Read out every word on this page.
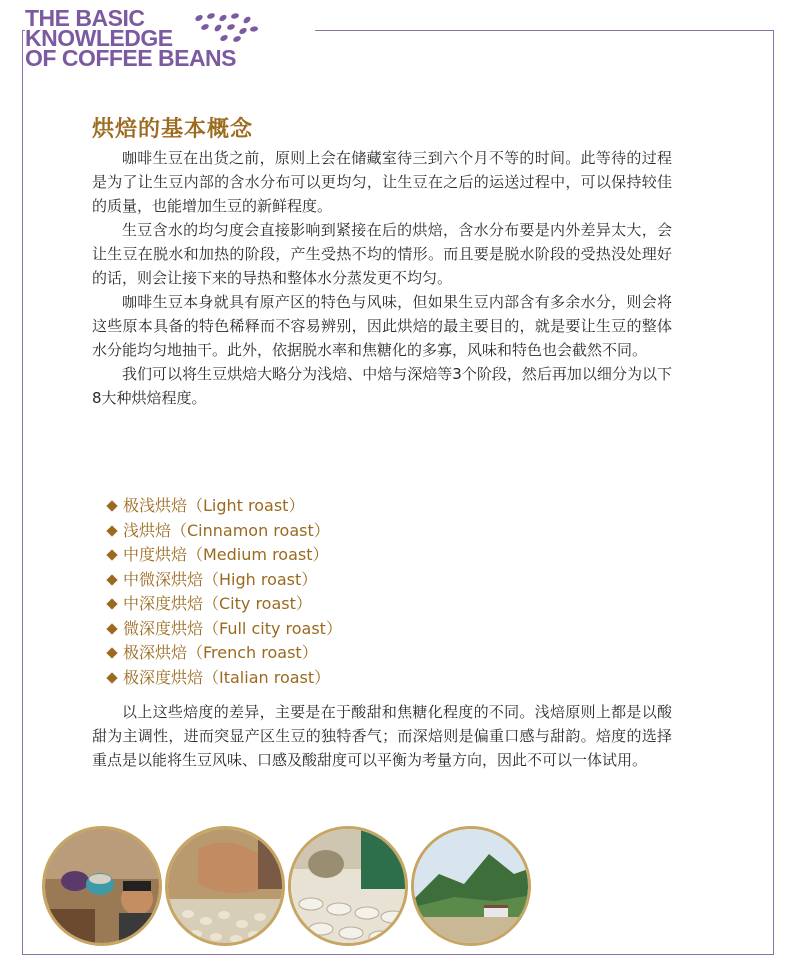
THE BASIC
KNOWLEDGE
OF COFFEE BEANS
烘焙的基本概念

咖啡生豆在出货之前，原则上会在储藏室待三到六个月不等的时间。此等待的过程是为了让生豆内部的含水分布可以更均匀，让生豆在之后的运送过程中，可以保持较佳的质量，也能增加生豆的新鲜程度。

生豆含水的均匀度会直接影响到紧接在后的烘焙，含水分布要是内外差异太大，会让生豆在脱水和加热的阶段，产生受热不均的情形。而且要是脱水阶段的受热没处理好的话，则会让接下来的导热和整体水分蒸发更不均匀。

咖啡生豆本身就具有原产区的特色与风味，但如果生豆内部含有多余水分，则会将这些原本具备的特色稀释而不容易辨别，因此烘焙的最主要目的，就是要让生豆的整体水分能均匀地抽干。此外，依据脱水率和焦糖化的多寡，风味和特色也会截然不同。

我们可以将生豆烘焙大略分为浅焙、中焙与深焙等3个阶段，然后再加以细分为以下8大种烘焙程度。

极浅烘焙（Light roast）
浅烘焙（Cinnamon roast）
中度烘焙（Medium roast）
中微深烘焙（High roast）
中深度烘焙（City roast）
微深度烘焙（Full city roast）
极深烘焙（French roast）
极深度烘焙（Italian roast）

以上这些焙度的差异，主要是在于酸甜和焦糖化程度的不同。浅焙原则上都是以酸甜为主调性，进而突显产区生豆的独特香气；而深焙则是偏重口感与甜韵。焙度的选择重点是以能将生豆风味、口感及酸甜度可以平衡为考量方向，因此不可以一体试用。
